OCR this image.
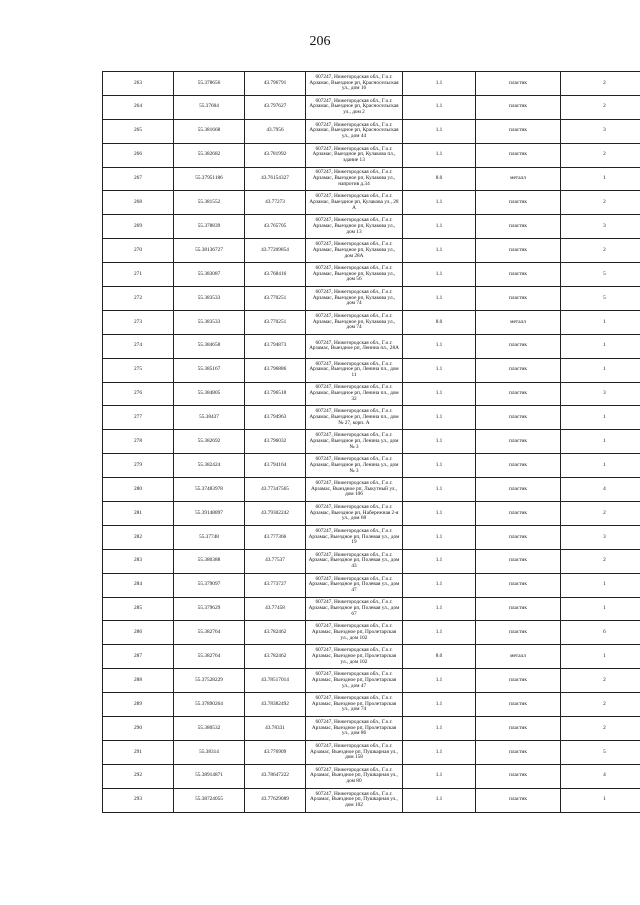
206
263	55.378656	43.796791	607247, Нижегородская обл., Г.о.г. Арзамас, Выездное рп, Красносельская ул., дом 16	1.1	пластик	2
264	55.37604	43.797627	607247, Нижегородская обл., Г.о.г. Арзамас, Выездное рп, Красносельская ул., дом 2	1.1	пластик	2
265	55.381668	43.7956	607247, Нижегородская обл., Г.о.г. Арзамас, Выездное рп, Красносельская ул., дом 44	1.1	пластик	3
266	55.382682	43.781992	607247, Нижегородская обл., Г.о.г. Арзамас, Выездное рп, Кулакова пл., здание 13	1.1	пластик	2
267	55.37951186	43.76154327	607247, Нижегородская обл., Г.о.г. Арзамас, Выездное рп, Кулакова ул., напротив д.34	8.0	металл	1
268	55.381552	43.77273	607247, Нижегородская обл., Г.о.г. Арзамас, Выездное рп, Кулакова ул., 28 А	1.1	пластик	2
269	55.378839	43.765705	607247, Нижегородская обл., Г.о.г. Арзамас, Выездное рп, Кулакова ул., дом 13	1.1	пластик	3
270	55.38136727	43.77209854	607247, Нижегородская обл., Г.о.г. Арзамас, Выездное рп, Кулакова ул., дом 28А	1.1	пластик	2
271	55.383087	43.768416	607247, Нижегородская обл., Г.о.г. Арзамас, Выездное рп, Кулакова ул., дом 56	1.1	пластик	5
272	55.383533	43.770251	607247, Нижегородская обл., Г.о.г. Арзамас, Выездное рп, Кулакова ул., дом 74	1.1	пластик	5
273	55.383533	43.770251	607247, Нижегородская обл., Г.о.г. Арзамас, Выездное рп, Кулакова ул., дом 74	8.0	металл	1
274	55.384658	43.794873	607247, Нижегородская обл., Г.о.г. Арзамас, Выездное рп, Ленина пл., 28А	1.1	пластик	1
275	55.385167	43.796886	607247, Нижегородская обл., Г.о.г. Арзамас, Выездное рп, Ленина пл., дом 11	1.1	пластик	1
276	55.384805	43.796518	607247, Нижегородская обл., Г.о.г. Арзамас, Выездное рп, Ленина пл., дом 32	1.1	пластик	3
277	55.38437	43.794963	607247, Нижегородская обл., Г.о.г. Арзамас, Выездное рп, Ленина пл., дом № 27, корп. А	1.1	пластик	1
278	55.382692	43.796032	607247, Нижегородская обл., Г.о.г. Арзамас, Выездное рп, Ленина ул., дом № 3	1.1	пластик	1
279	55.382424	43.794164	607247, Нижегородская обл., Г.о.г. Арзамас, Выездное рп, Ленина ул., дом № 3	1.1	пластик	1
280	55.37483978	43.77347565	607247, Нижегородская обл., Г.о.г. Арзамас, Выездное рп, Лыкутный ул., дом 106	1.1	пластик	4
281	55.39148897	43.79302242	607247, Нижегородская обл., Г.о.г. Арзамас, Выездное рп, Набережная 2-я ул., дом 68	1.1	пластик	2
282	55.37748	43.777366	607247, Нижегородская обл., Г.о.г. Арзамас, Выездное рп, Полевая ул., дом 19	1.1	пластик	3
283	55.380388	43.77537	607247, Нижегородская обл., Г.о.г. Арзамас, Выездное рп, Полевая ул., дом 43	1.1	пластик	2
284	55.379097	43.773727	607247, Нижегородская обл., Г.о.г. Арзамас, Выездное рп, Полевая ул., дом 47	1.1	пластик	1
285	55.379629	43.77458	607247, Нижегородская обл., Г.о.г. Арзамас, Выездное рп, Полевая ул., дом 67	1.1	пластик	1
286	55.382764	43.782462	607247, Нижегородская обл., Г.о.г. Арзамас, Выездное рп, Пролетарская ул., дом 102	1.1	пластик	6
287	55.382764	43.782462	607247, Нижегородская обл., Г.о.г. Арзамас, Выездное рп, Пролетарская ул., дом 102	8.0	металл	1
288	55.37528229	43.78517014	607247, Нижегородская обл., Г.о.г. Арзамас, Выездное рп, Пролетарская ул., дом 47	1.1	пластик	2
289	55.37890264	43.78382492	607247, Нижегородская обл., Г.о.г. Арзамас, Выездное рп, Пролетарская ул., дом 74	1.1	пластик	2
290	55.380532	43.78331	607247, Нижегородская обл., Г.о.г. Арзамас, Выездное рп, Пролетарская ул., дом 86	1.1	пластик	2
291	55.38314	43.776909	607247, Нижегородская обл., Г.о.г. Арзамас, Выездное рп, Пушкарная ул., дом 158	1.1	пластик	5
292	55.38914871	43.78647222	607247, Нижегородская обл., Г.о.г. Арзамас, Выездное рп, Пушкарная ул., дом 80	1.1	пластик	4
293	55.38724055	43.77629089	607247, Нижегородская обл., Г.о.г. Арзамас, Выездное рп, Пушкарная ул., дом 102	1.1	пластик	1
